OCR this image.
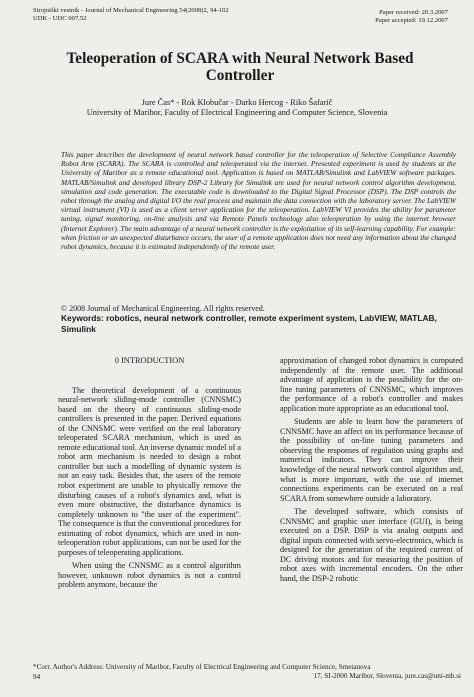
Strojniški vestnik - Journal of Mechanical Engineering 54(2008)2, 94-102
UDK - UDC 007.52
Paper received: 20.3.2007
Paper accepted: 19.12.2007
Teleoperation of SCARA with Neural Network Based
Controller
Jure Čas* - Rok Klobučar - Darko Hercog - Riko Šafarič
University of Maribor, Faculty of Electrical Engineering and Computer Science, Slovenia
This paper describes the development of neural network based controller for the teleoperation of Selective Compliance Assembly Robot Arm (SCARA). The SCARA is controlled and teleoperated via the internet. Presented experiment is used by students at the University of Maribor as a remote educational tool. Application is based on MATLAB/Simulink and LabVIEW software packages. MATLAB/Simulink and developed library DSP-2 Library for Simulink are used for neural network control algorithm development, simulation and code generation. The executable code is downloaded to the Digital Signal Processor (DSP). The DSP controls the robot through the analog and digital I/O the real process and maintain the data connection with the laboratory server. The LabVIEW virtual instrument (VI) is used as a client server application for the teleoperation. LabVIEW VI provides the ability for parameter tuning, signal monitoring, on-line analysis and via Remote Panels technology also teleoperation by using the internet browser (Internet Explorer). The main advantage of a neural network controller is the exploitation of its self-learning capability. For example: when friction or an unexpected disturbance occurs, the user of a remote application does not need any information about the changed robot dynamics, because it is estimated independently of the remote user.
© 2008 Journal of Mechanical Engineering. All rights reserved.
Keywords: robotics, neural network controller, remote experiment system, LabVIEW, MATLAB, Simulink
0 INTRODUCTION

The theoretical development of a continuous neural-network sliding-mode controller (CNNSMC) based on the theory of continuous sliding-mode controllers is presented in the paper. Derived equations of the CNNSMC were verified on the real laboratory teleoperated SCARA mechanism, which is used as remote educational tool. An inverse dynamic model of a robot arm mechanism is needed to design a robot controller but such a modelling of dynamic system is not an easy task. Besides that, the users of the remote robot experiment are unable to physically remove the disturbing causes of a robot's dynamics and, what is even more obstructive, the disturbance dynamics is completely unknown to "the user of the experiment". The consequence is that the conventional procedures for estimating of robot dynamics, which are used in non-teleoperation robot applications, can not be used for the purposes of teleoperating applications.

When using the CNNSMC as a control algorithm however, unknown robot dynamics is not a control problem anymore, because the

approximation of changed robot dynamics is computed independently of the remote user. The additional advantage of application is the possibility for the on-line tuning parameters of CNNSMC, which improves the performance of a robot's controller and makes application more appropriate as an educational tool.

Students are able to learn how the parameters of CNNSMC have an affect on its performance because of the possibility of on-line tuning parameters and observing the responses of regulation using graphs and numerical indicators. They can improve their knowledge of the neural network control algorithm and, what is more important, with the use of internet connections experiments can be executed on a real SCARA from somewhere outside a laboratory.

The developed software, which consists of CNNSMC and graphic user interface (GUI), is being executed on a DSP. DSP is via analog outputs and digital inputs connected with servo-electronics, which is designed for the generation of the required current of DC driving motors and for measuring the position of robot axes with incremental encoders. On the other hand, the DSP-2 robotic

*Corr. Author's Address: University of Maribor, Faculty of Electrical Engineering and Computer Science, Smetanova
17, SI-2000 Maribor, Slovenia, jure.cas@uni-mb.si
94
